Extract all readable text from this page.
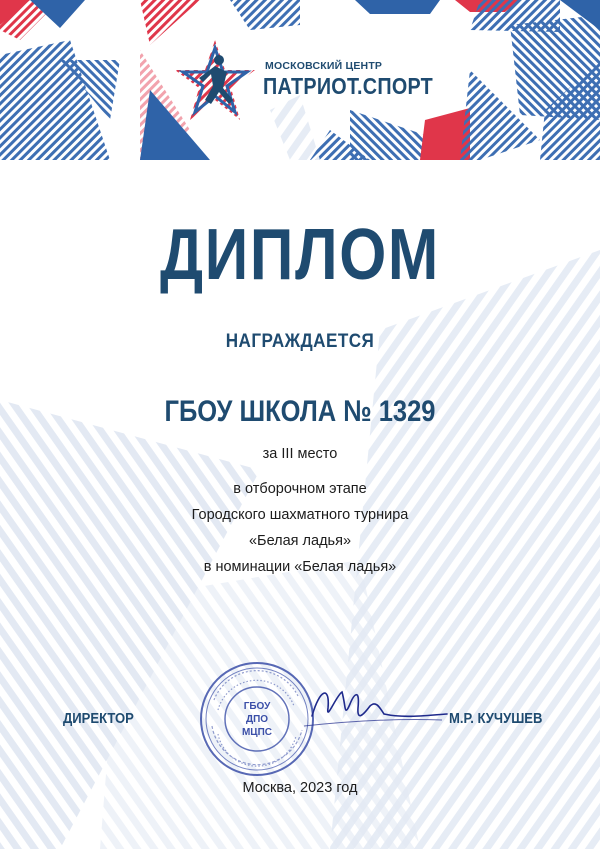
МОСКОВСКИЙ ЦЕНТР
ПАТРИОТ.СПОРТ
ДИПЛОМ
НАГРАЖДАЕТСЯ
ГБОУ ШКОЛА № 1329
за III место
в отборочном этапе
Городского шахматного турнира
«Белая ладья»
в номинации «Белая ладья»
ГБОУ
ДПО
МЦПС
ДИРЕКТОР	М.Р. КУЧУШЕВ
Москва, 2023 год
